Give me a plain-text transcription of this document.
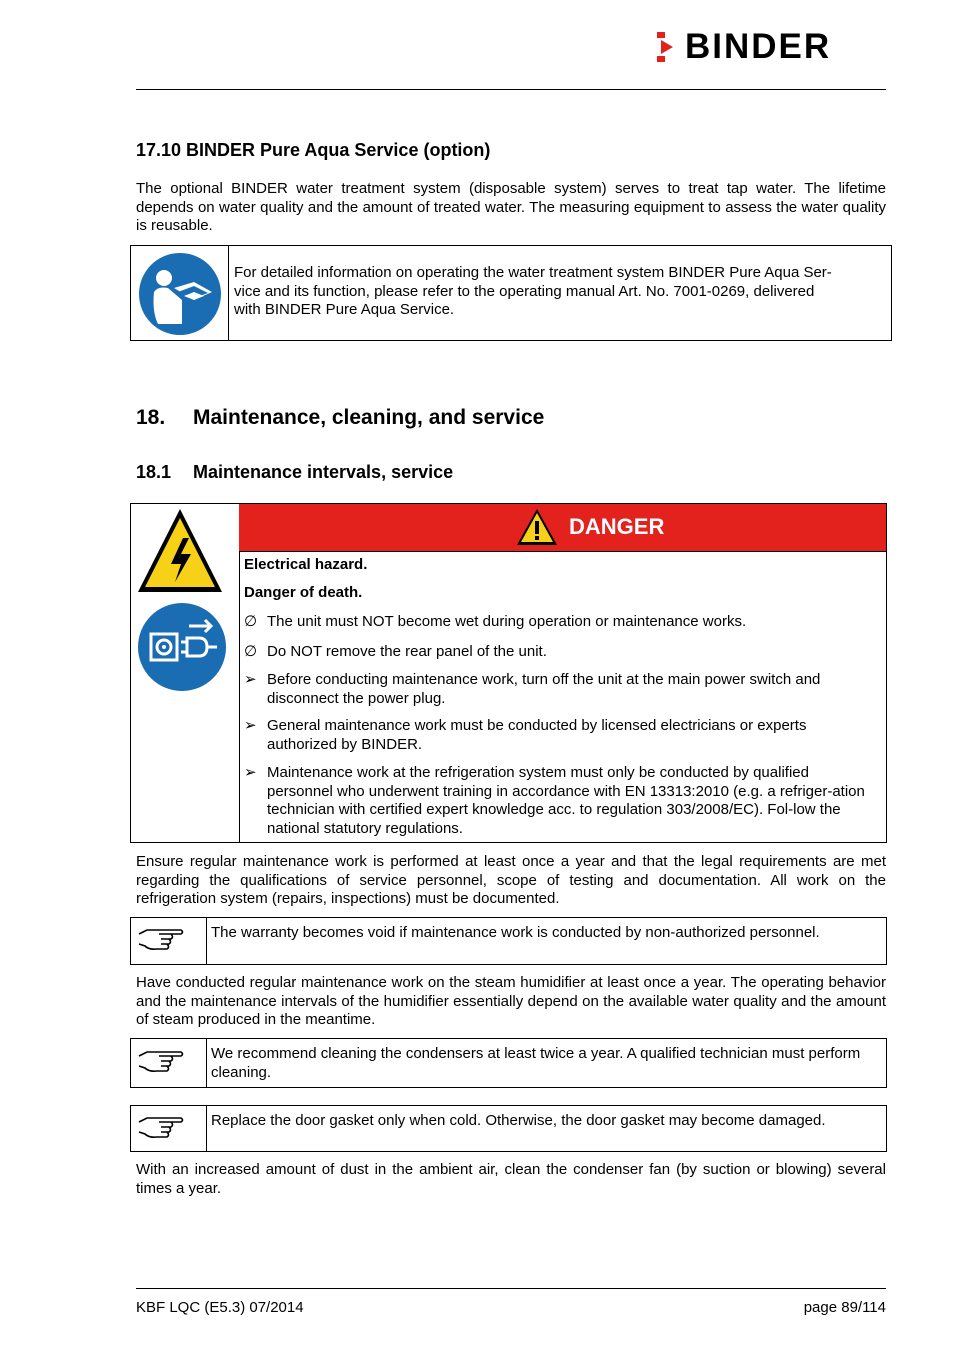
BINDER
17.10 BINDER Pure Aqua Service (option)

The optional BINDER water treatment system (disposable system) serves to treat tap water. The lifetime depends on water quality and the amount of treated water. The measuring equipment to assess the water quality is reusable.

For detailed information on operating the water treatment system BINDER Pure Aqua Ser-
vice and its function, please refer to the operating manual Art. No. 7001-0269, delivered
with BINDER Pure Aqua Service.
18. Maintenance, cleaning, and service
18.1 Maintenance intervals, service
DANGER
Electrical hazard.
Danger of death.
∅ The unit must NOT become wet during operation or maintenance works.
∅ Do NOT remove the rear panel of the unit.
➢ Before conducting maintenance work, turn off the unit at the main power switch and disconnect the power plug.
➢ General maintenance work must be conducted by licensed electricians or experts authorized by BINDER.
➢ Maintenance work at the refrigeration system must only be conducted by qualified personnel who underwent training in accordance with EN 13313:2010 (e.g. a refriger-ation technician with certified expert knowledge acc. to regulation 303/2008/EC). Fol-low the national statutory regulations.

Ensure regular maintenance work is performed at least once a year and that the legal requirements are met regarding the qualifications of service personnel, scope of testing and documentation. All work on the refrigeration system (repairs, inspections) must be documented.

The warranty becomes void if maintenance work is conducted by non-authorized personnel.

Have conducted regular maintenance work on the steam humidifier at least once a year. The operating behavior and the maintenance intervals of the humidifier essentially depend on the available water quality and the amount of steam produced in the meantime.

We recommend cleaning the condensers at least twice a year. A qualified technician must perform cleaning.
Replace the door gasket only when cold. Otherwise, the door gasket may become damaged.

With an increased amount of dust in the ambient air, clean the condenser fan (by suction or blowing) several times a year.

KBF LQC (E5.3) 07/2014	page 89/114
